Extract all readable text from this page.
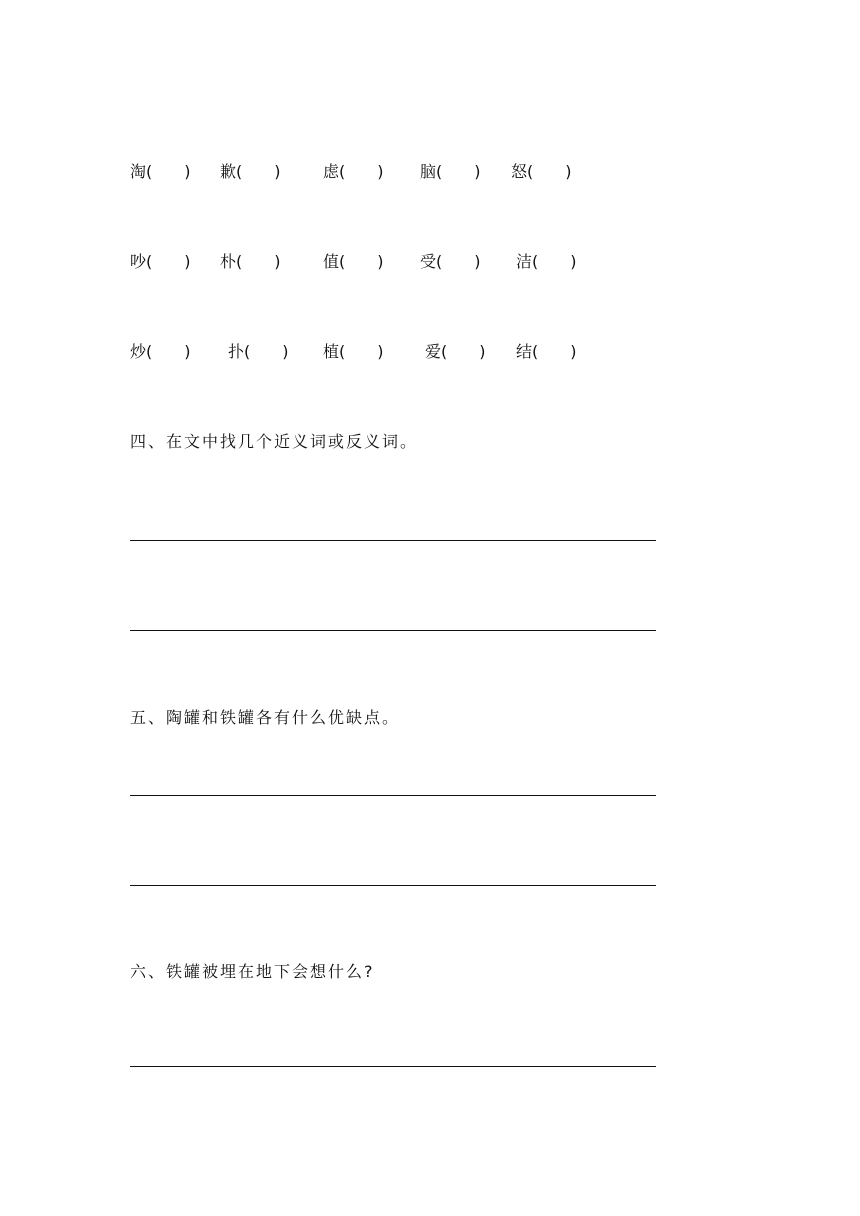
淘(　　) 歉(　　)	虑(　　) 脑(　　) 怒(　　)
吵(　　) 朴(　　)	值(　　) 受(　　) 洁(　　)
炒(　　) 扑(　　) 植(　　)	爱(　　) 结(　　)
四、在文中找几个近义词或反义词。
五、陶罐和铁罐各有什么优缺点。
六、铁罐被埋在地下会想什么?
